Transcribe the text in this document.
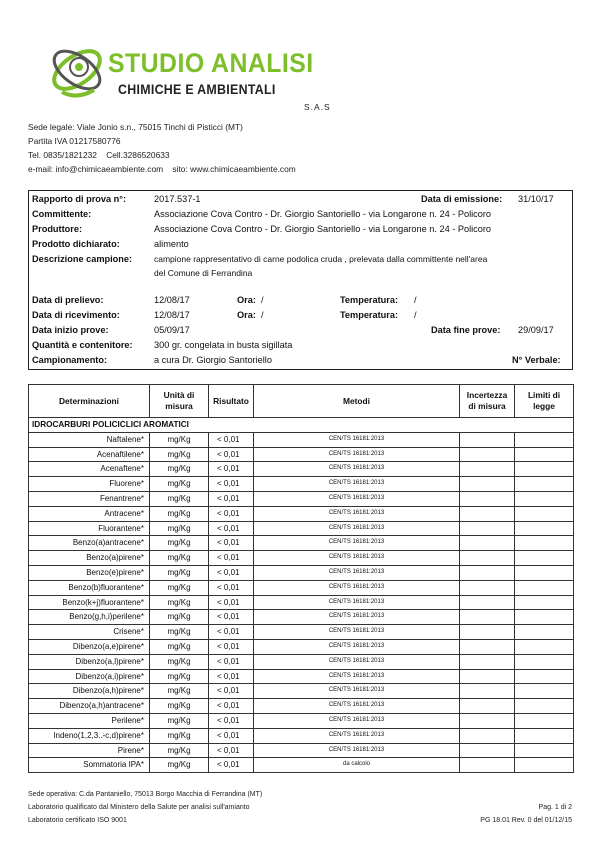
STUDIO ANALISI
CHIMICHE E AMBIENTALI
S.A.S
Sede legale: Viale Jonio s.n., 75015 Tinchi di Pisticci (MT)
Partita IVA 01217580776
Tel. 0835/1821232    Cell.3286520633
e-mail: info@chimicaeambiente.com    sito: www.chimicaeambiente.com
Rapporto di prova n°:	2017.537-1	Data di emissione: 31/10/17
Committente:	Associazione Cova Contro - Dr. Giorgio Santoriello - via Longarone n. 24 - Policoro
Produttore:	Associazione Cova Contro - Dr. Giorgio Santoriello - via Longarone n. 24 - Policoro
Prodotto dichiarato:	alimento
Descrizione campione:	campione rappresentativo di carne podolica cruda , prelevata dalla committente nell'area
del Comune di Ferrandina
Data di prelievo:	12/08/17	Ora: /	Temperatura: /
Data di ricevimento:	12/08/17	Ora: /	Temperatura: /
Data inizio prove:	05/09/17	Data fine prove: 29/09/17
Quantità e contenitore: 300 gr. congelata in busta sigillata
Campionamento:	a cura Dr. Giorgio Santoriello	N° Verbale:
Determinazioni	Unità di misura	Risultato	Metodi	Incertezza di misura	Limiti di legge
IDROCARBURI POLICICLICI AROMATICI					
Naftalene*	mg/Kg	< 0,01	CEN/TS 16181:2013		
Acenaftilene*	mg/Kg	< 0,01	CEN/TS 16181:2013		
Acenaftene*	mg/Kg	< 0,01	CEN/TS 16181:2013		
Fluorene*	mg/Kg	< 0,01	CEN/TS 16181:2013		
Fenantrene*	mg/Kg	< 0,01	CEN/TS 16181:2013		
Antracene*	mg/Kg	< 0,01	CEN/TS 16181:2013		
Fluorantene*	mg/Kg	< 0,01	CEN/TS 16181:2013		
Benzo(a)antracene*	mg/Kg	< 0,01	CEN/TS 16181:2013		
Benzo(a)pirene*	mg/Kg	< 0,01	CEN/TS 16181:2013		
Benzo(e)pirene*	mg/Kg	< 0,01	CEN/TS 16181:2013		
Benzo(b)fluorantene*	mg/Kg	< 0,01	CEN/TS 16181:2013		
Benzo(k+j)fluorantene*	mg/Kg	< 0,01	CEN/TS 16181:2013		
Benzo(g,h,i)perilene*	mg/Kg	< 0,01	CEN/TS 16181:2013		
Crisene*	mg/Kg	< 0,01	CEN/TS 16181:2013		
Dibenzo(a,e)pirene*	mg/Kg	< 0,01	CEN/TS 16181:2013		
Dibenzo(a,l)pirene*	mg/Kg	< 0,01	CEN/TS 16181:2013		
Dibenzo(a,i)pirene*	mg/Kg	< 0,01	CEN/TS 16181:2013		
Dibenzo(a,h)pirene*	mg/Kg	< 0,01	CEN/TS 16181:2013		
Dibenzo(a,h)antracene*	mg/Kg	< 0,01	CEN/TS 16181:2013		
Perilene*	mg/Kg	< 0,01	CEN/TS 16181:2013		
Indeno(1,2,3..-c,d)pirene*	mg/Kg	< 0,01	CEN/TS 16181:2013		
Pirene*	mg/Kg	< 0,01	CEN/TS 16181:2013		
Sommatoria IPA*	mg/Kg	< 0,01	da calcolo		
Sede operativa: C.da Pantaniello, 75013 Borgo Macchia di Ferrandina (MT)
Laboratorio qualificato dal Ministero della Salute per analisi sull'amianto
Laboratorio certificato ISO 9001
Pag. 1 di 2
PG 18.01 Rev. 0 del 01/12/15
